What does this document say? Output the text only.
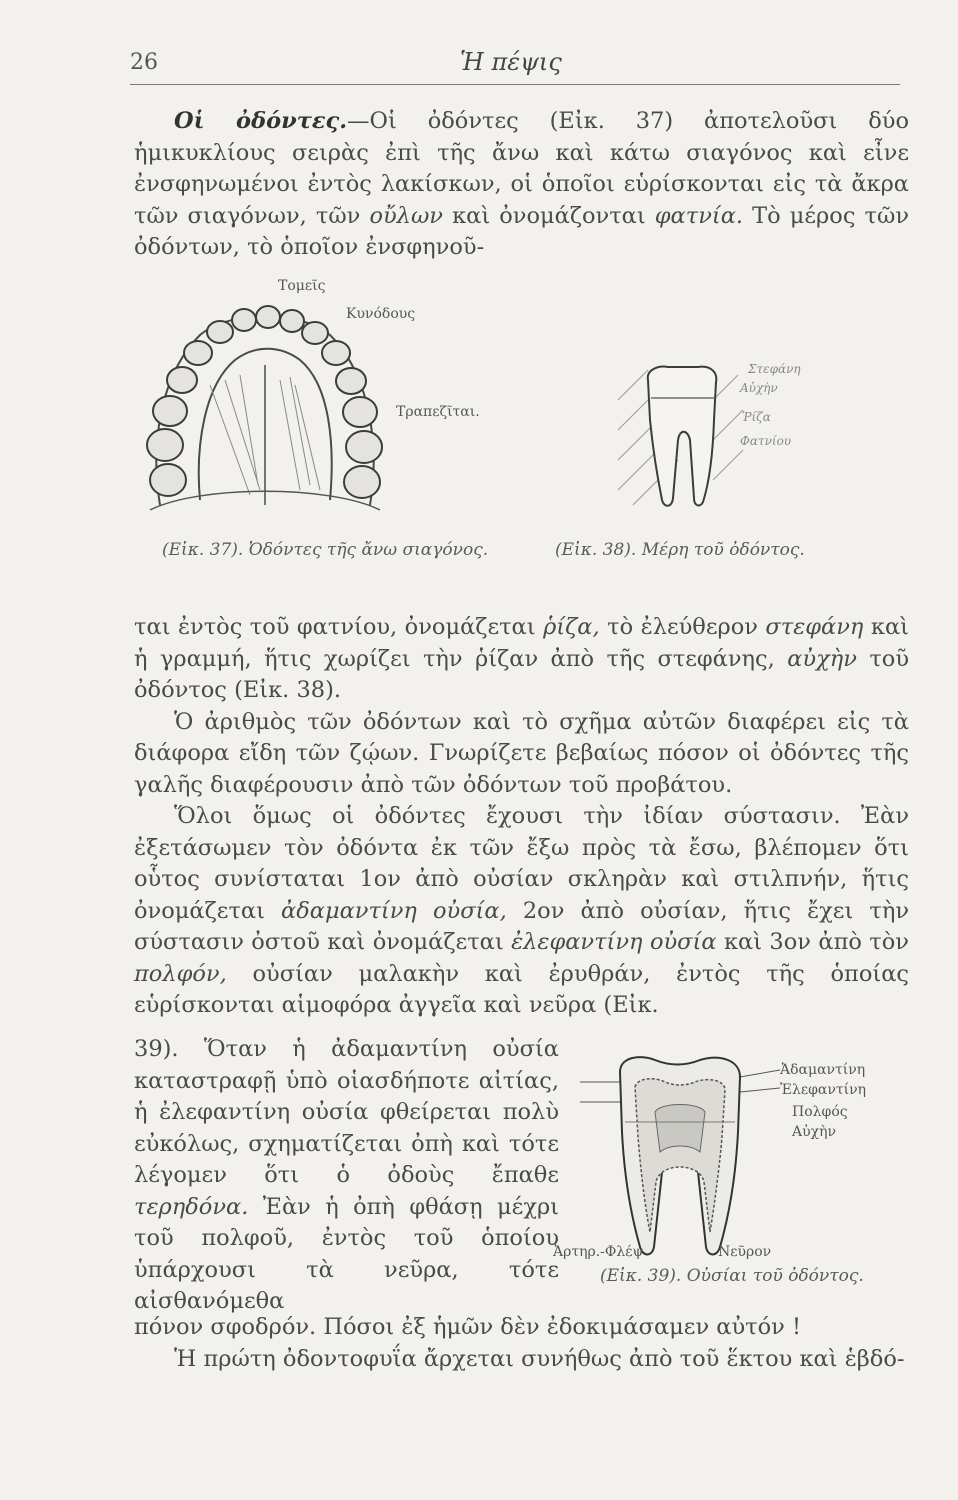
26	Ἡ πέψις

Οἱ ὀδόντες.—Οἱ ὀδόντες (Εἰκ. 37) ἀποτελοῦσι δύο ἡμικυκλίους σειρὰς ἐπὶ τῆς ἄνω καὶ κάτω σιαγόνος καὶ εἶνε ἐνσφηνωμένοι ἐντὸς λακίσκων, οἱ ὁποῖοι εὑρίσκονται εἰς τὰ ἄκρα τῶν σιαγόνων, τῶν οὔλων καὶ ὀνομάζονται φατνία. Τὸ μέρος τῶν ὀδόντων, τὸ ὁποῖον ἐνσφηνοῦ-

Τομεῖς
Κυνόδους
Τραπεζῖται.
(Εἰκ. 37). Ὀδόντες τῆς ἄνω σιαγόνος.
Στεφάνη
Αὐχὴν
Ῥίζα
Φατνίου
(Εἰκ. 38). Μέρη τοῦ ὀδόντος.

ται ἐντὸς τοῦ φατνίου, ὀνομάζεται ῥίζα, τὸ ἐλεύθερον στεφάνη καὶ ἡ γραμμή, ἥτις χωρίζει τὴν ῥίζαν ἀπὸ τῆς στεφάνης, αὐχὴν τοῦ ὀδόντος (Εἰκ. 38).

Ὁ ἀριθμὸς τῶν ὀδόντων καὶ τὸ σχῆμα αὐτῶν διαφέρει εἰς τὰ διάφορα εἴδη τῶν ζῴων. Γνωρίζετε βεβαίως πόσον οἱ ὀδόντες τῆς γαλῆς διαφέρουσιν ἀπὸ τῶν ὀδόντων τοῦ προβάτου.

Ὅλοι ὅμως οἱ ὀδόντες ἔχουσι τὴν ἰδίαν σύστασιν. Ἐὰν ἐξετάσωμεν τὸν ὀδόντα ἐκ τῶν ἔξω πρὸς τὰ ἔσω, βλέπομεν ὅτι οὗτος συνίσταται 1ον ἀπὸ οὐσίαν σκληρὰν καὶ στιλπνήν, ἥτις ὀνομάζεται ἀδαμαντίνη οὐσία, 2ον ἀπὸ οὐσίαν, ἥτις ἔχει τὴν σύστασιν ὀστοῦ καὶ ὀνομάζεται ἐλεφαντίνη οὐσία καὶ 3ον ἀπὸ τὸν πολφόν, οὐσίαν μαλακὴν καὶ ἐρυθράν, ἐντὸς τῆς ὁποίας εὑρίσκονται αἱμοφόρα ἀγγεῖα καὶ νεῦρα (Εἰκ.

39). Ὅταν ἡ ἀδαμαντίνη οὐσία καταστραφῇ ὑπὸ οἱασδήποτε αἰτίας, ἡ ἐλεφαντίνη οὐσία φθείρεται πολὺ εὐκόλως, σχηματίζεται ὀπὴ καὶ τότε λέγομεν ὅτι ὁ ὀδοὺς ἔπαθε τερηδόνα. Ἐὰν ἡ ὀπὴ φθάσῃ μέχρι τοῦ πολφοῦ, ἐντὸς τοῦ ὁποίου ὑπάρχουσι τὰ νεῦρα, τότε αἰσθανόμεθα
Ἀδαμαντίνη
Ἐλεφαντίνη
Πολφός
Αὐχὴν
Ἀρτηρ.-Φλέψ	Νεῦρον
(Εἰκ. 39). Οὐσίαι τοῦ ὀδόντος.
πόνον σφοδρόν. Πόσοι ἐξ ἡμῶν δὲν ἐδοκιμάσαμεν αὐτόν !
Ἡ πρώτη ὀδοντοφυΐα ἄρχεται συνήθως ἀπὸ τοῦ ἕκτου καὶ ἑβδό-
